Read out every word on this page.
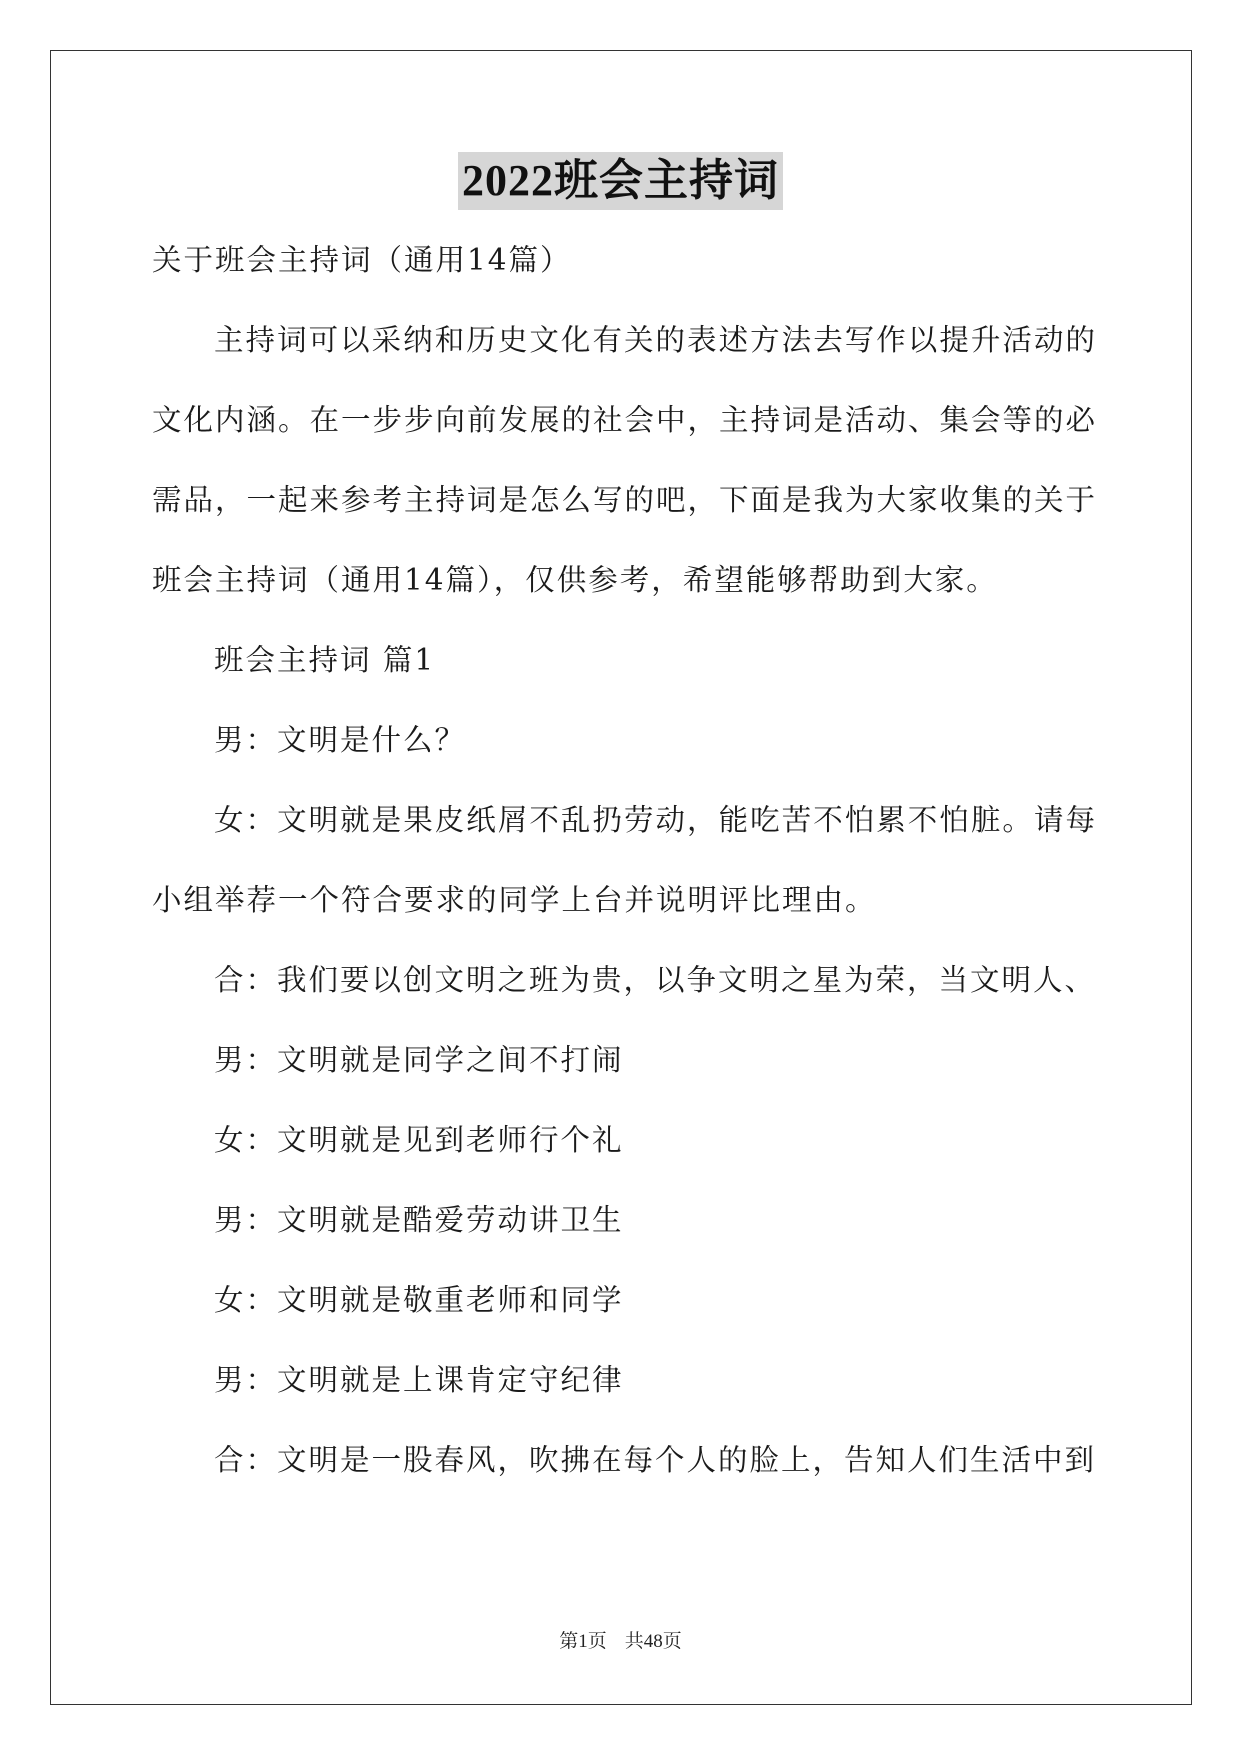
2022班会主持词

关于班会主持词（通用14篇）

主持词可以采纳和历史文化有关的表述方法去写作以提升活动的文化内涵。在一步步向前发展的社会中，主持词是活动、集会等的必需品，一起来参考主持词是怎么写的吧，下面是我为大家收集的关于班会主持词（通用14篇），仅供参考，希望能够帮助到大家。

班会主持词 篇1

男：文明是什么？

女：文明就是果皮纸屑不乱扔劳动，能吃苦不怕累不怕脏。请每小组举荐一个符合要求的同学上台并说明评比理由。

合：我们要以创文明之班为贵，以争文明之星为荣，当文明人、

男：文明就是同学之间不打闹

女：文明就是见到老师行个礼

男：文明就是酷爱劳动讲卫生

女：文明就是敬重老师和同学

男：文明就是上课肯定守纪律

合：文明是一股春风，吹拂在每个人的脸上，告知人们生活中到

第1页 共48页
